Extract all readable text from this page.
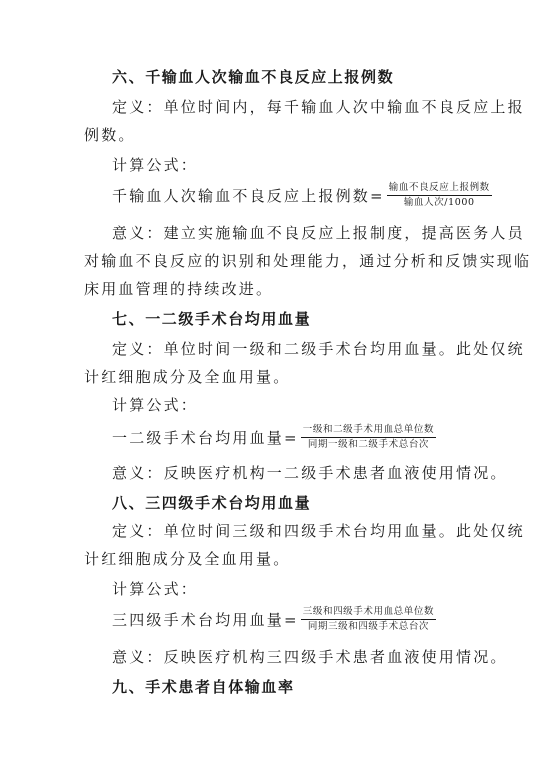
六、千输血人次输血不良反应上报例数
定义：单位时间内，每千输血人次中输血不良反应上报
例数。
计算公式：
千输血人次输血不良反应上报例数= $\frac{\text{输血不良反应上报例数}}{\text{输血人次/1000}}$
意义：建立实施输血不良反应上报制度，提高医务人员
对输血不良反应的识别和处理能力，通过分析和反馈实现临
床用血管理的持续改进。
七、一二级手术台均用血量
定义：单位时间一级和二级手术台均用血量。此处仅统
计红细胞成分及全血用量。
计算公式：
一二级手术台均用血量= $\frac{\text{一级和二级手术用血总单位数}}{\text{同期一级和二级手术总台次}}$
意义：反映医疗机构一二级手术患者血液使用情况。
八、三四级手术台均用血量
定义：单位时间三级和四级手术台均用血量。此处仅统
计红细胞成分及全血用量。
计算公式：
三四级手术台均用血量= $\frac{\text{三级和四级手术用血总单位数}}{\text{同期三级和四级手术总台次}}$
意义：反映医疗机构三四级手术患者血液使用情况。
九、手术患者自体输血率
